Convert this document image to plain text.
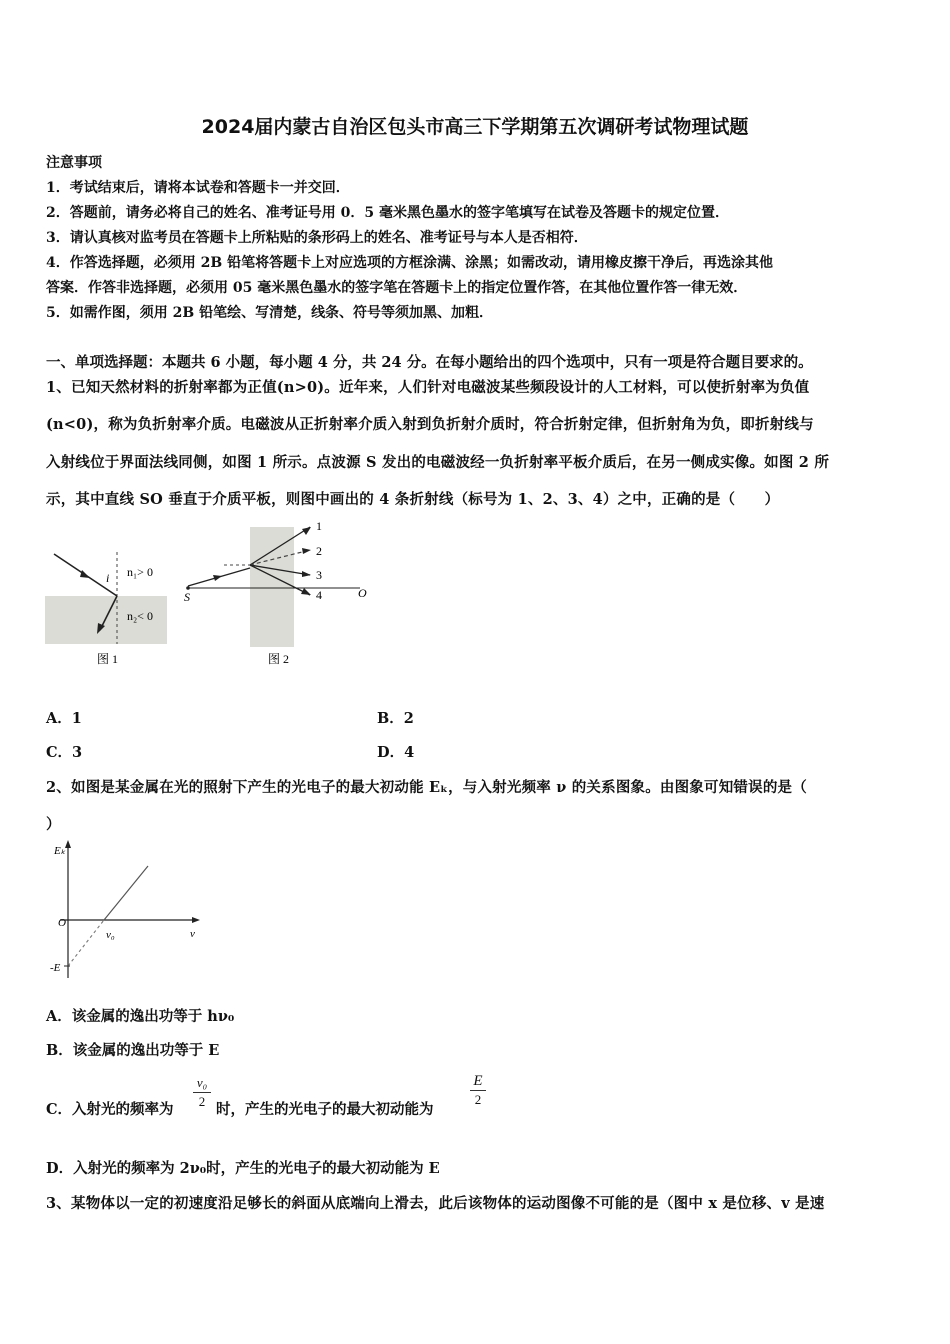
2024届内蒙古自治区包头市高三下学期第五次调研考试物理试题
注意事项
1．考试结束后，请将本试卷和答题卡一并交回．
2．答题前，请务必将自己的姓名、准考证号用 0．5 毫米黑色墨水的签字笔填写在试卷及答题卡的规定位置．
3．请认真核对监考员在答题卡上所粘贴的条形码上的姓名、准考证号与本人是否相符．
4．作答选择题，必须用 2B 铅笔将答题卡上对应选项的方框涂满、涂黑；如需改动，请用橡皮擦干净后，再选涂其他
答案．作答非选择题，必须用 05 毫米黑色墨水的签字笔在答题卡上的指定位置作答，在其他位置作答一律无效．
5．如需作图，须用 2B 铅笔绘、写清楚，线条、符号等须加黑、加粗．
一、单项选择题：本题共 6 小题，每小题 4 分，共 24 分。在每小题给出的四个选项中，只有一项是符合题目要求的。
1、已知天然材料的折射率都为正值(n>0)。近年来，人们针对电磁波某些频段设计的人工材料，可以使折射率为负值
(n<0)，称为负折射率介质。电磁波从正折射率介质入射到负折射介质时，符合折射定律，但折射角为负，即折射线与
入射线位于界面法线同侧，如图 1 所示。点波源 S 发出的电磁波经一负折射率平板介质后，在另一侧成实像。如图 2 所
示，其中直线 SO 垂直于介质平板，则图中画出的 4 条折射线（标号为 1、2、3、4）之中，正确的是（　　）
i n₁> 0
n₂< 0
图 1
1
2
3
4
S	O
图 2
A．1	B．2
C．3	D．4
2、如图是某金属在光的照射下产生的光电子的最大初动能 Eₖ，与入射光频率 ν 的关系图象。由图象可知错误的是（
）
Eₖ
ν
O
ν₀
-E
A．该金属的逸出功等于 hν₀
B．该金属的逸出功等于 E
C．入射光的频率为
ν₀
2 时，产生的光电子的最大初动能为
E
2
D．入射光的频率为 2ν₀时，产生的光电子的最大初动能为 E
3、某物体以一定的初速度沿足够长的斜面从底端向上滑去，此后该物体的运动图像不可能的是（图中 x 是位移、v 是速
